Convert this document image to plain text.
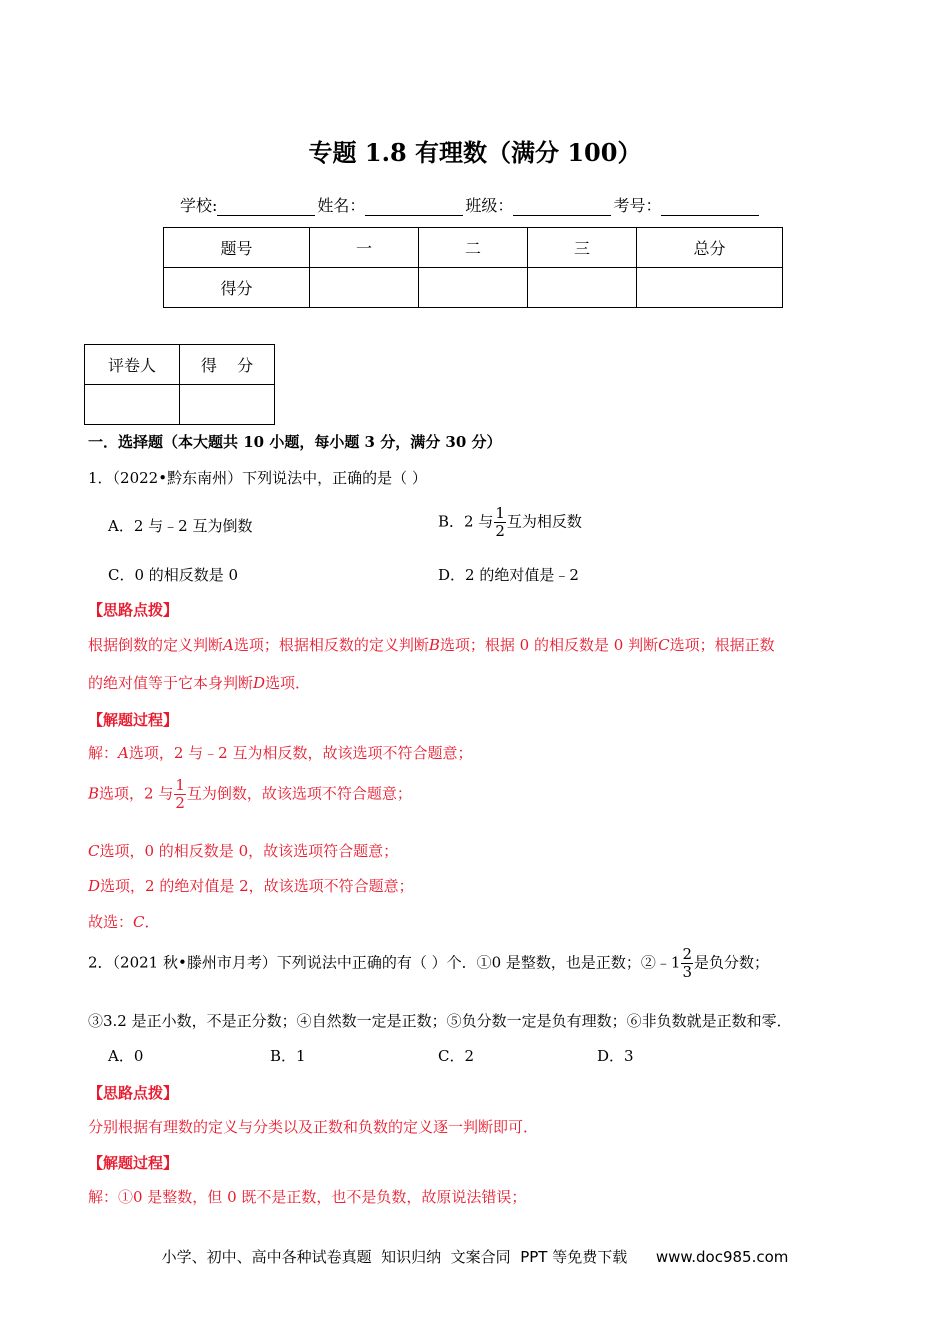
专题 1.8 有理数（满分 100）
学校:	姓名：	班级：	考号：
题号	一	二	三	总分
得分				
评卷人	得    分

一．选择题（本大题共 10 小题，每小题 3 分，满分 30 分）
1．（2022•黔东南州）下列说法中，正确的是（ ）
A．2 与﹣2 互为倒数	B．2 与 $\frac{1}{2}$ 互为相反数
C．0 的相反数是 0	D．2 的绝对值是﹣2
【思路点拨】
根据倒数的定义判断A选项；根据相反数的定义判断B选项；根据 0 的相反数是 0 判断C选项；根据正数
的绝对值等于它本身判断D选项．
【解题过程】
解：A选项，2 与﹣2 互为相反数，故该选项不符合题意；
B选项，2 与 $\frac{1}{2}$ 互为倒数，故该选项不符合题意；
C选项，0 的相反数是 0，故该选项符合题意；
D选项，2 的绝对值是 2，故该选项不符合题意；
故选：C．
2．（2021 秋•滕州市月考）下列说法中正确的有（ ）个．①0 是整数，也是正数；②﹣1 $\frac{2}{3}$ 是负分数；
③3.2 是正小数，不是正分数；④自然数一定是正数；⑤负分数一定是负有理数；⑥非负数就是正数和零．
A．0	B．1	C．2	D．3
【思路点拨】
分别根据有理数的定义与分类以及正数和负数的定义逐一判断即可．
【解题过程】
解：①0 是整数，但 0 既不是正数，也不是负数，故原说法错误；
小学、初中、高中各种试卷真题  知识归纳  文案合同  PPT 等免费下载      www.doc985.com
